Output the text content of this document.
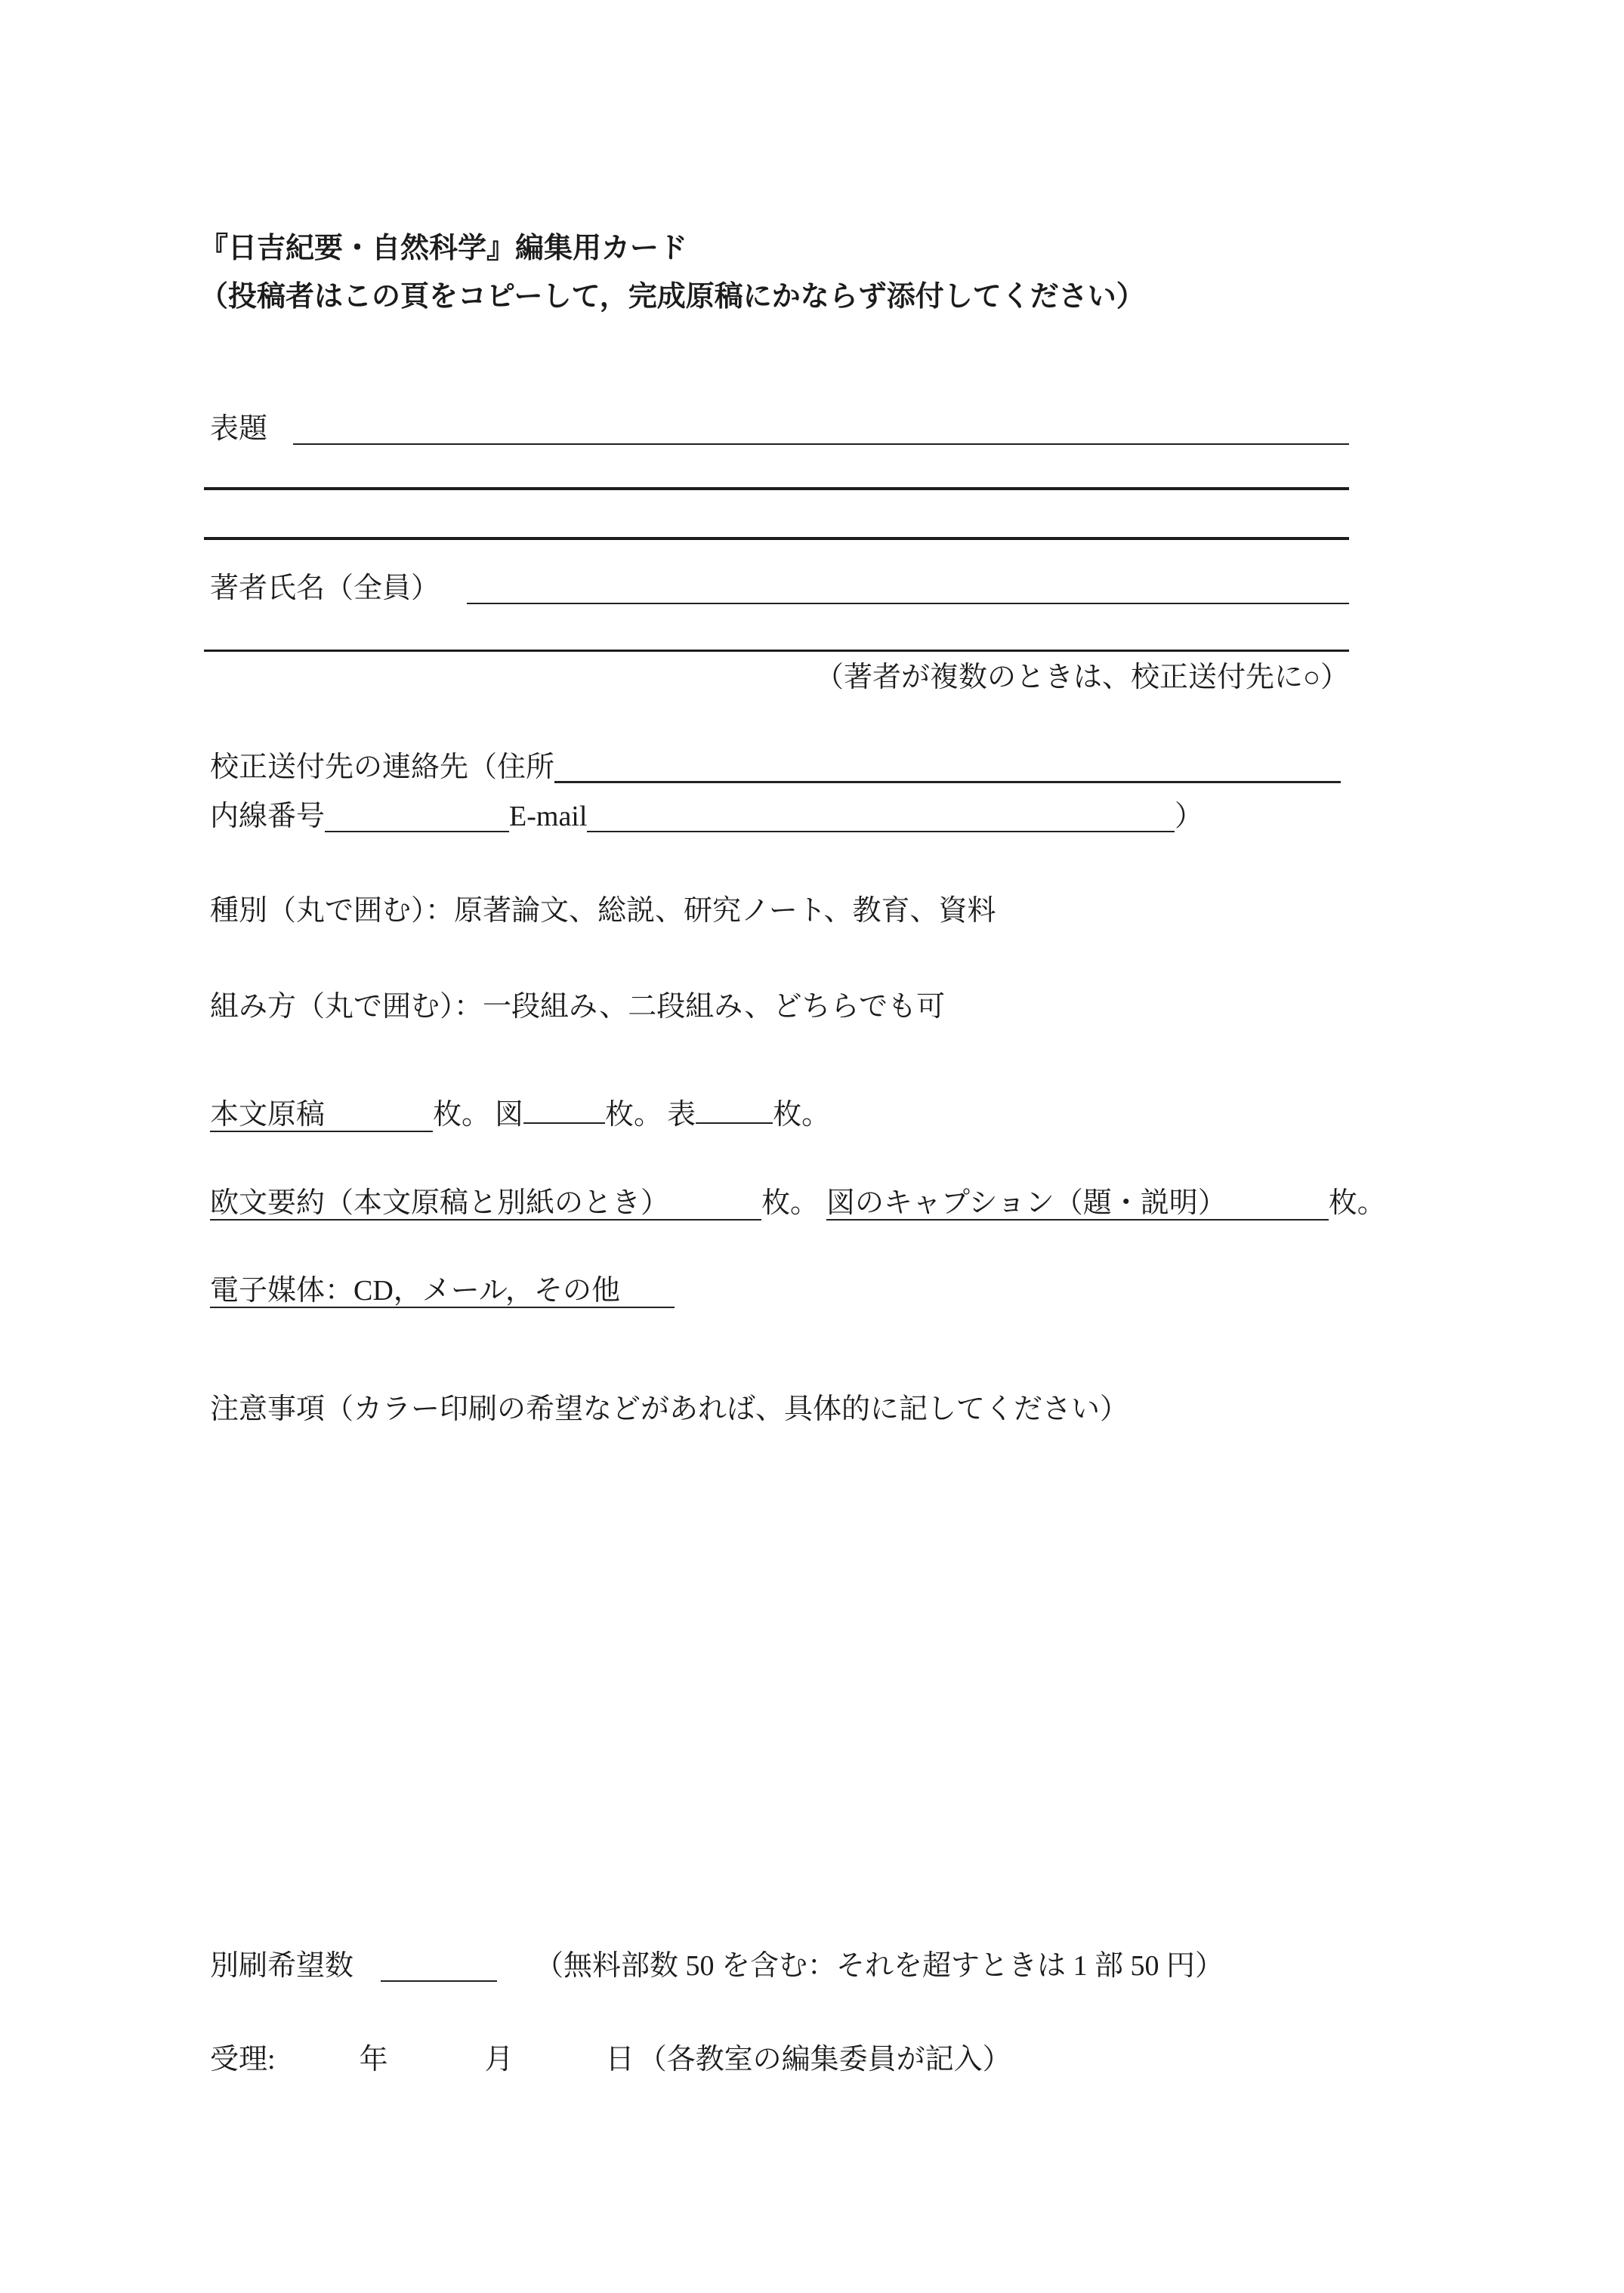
『日吉紀要・自然科学』編集用カード
（投稿者はこの頁をコピーして，完成原稿にかならず添付してください）
表題
著者氏名（全員）
（著者が複数のときは、校正送付先に○）
校正送付先の連絡先（住所
内線番号	E-mail	）
種別（丸で囲む）：原著論文、総説、研究ノート、教育、資料
組み方（丸で囲む）：一段組み、二段組み、どちらでも可
本文原稿	枚。 図	枚。 表	枚。
欧文要約（本文原稿と別紙のとき）	枚。 図のキャプション（題・説明）	枚。
電子媒体：CD，メール，その他
注意事項（カラー印刷の希望などがあれば、具体的に記してください）
別刷希望数	（無料部数 50 を含む：それを超すときは 1 部 50 円）
受理:	年	月	日 （各教室の編集委員が記入）
